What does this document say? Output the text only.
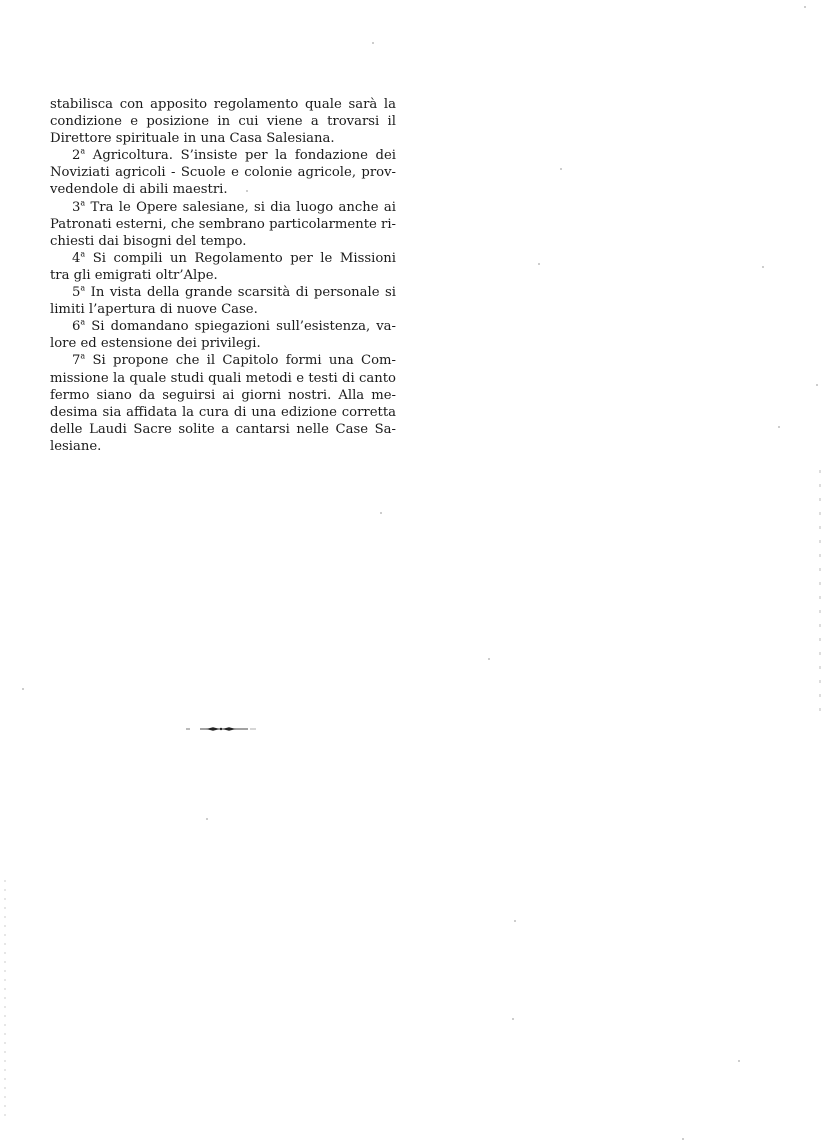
stabilisca con apposito regolamento quale sarà la
condizione e posizione in cui viene a trovarsi il
Direttore spirituale in una Casa Salesiana.
2$^a$ Agricoltura. S’insiste per la fondazione dei
Noviziati agricoli - Scuole e colonie agricole, prov-
vedendole di abili maestri.
3$^a$ Tra le Opere salesiane, si dia luogo anche ai
Patronati esterni, che sembrano particolarmente ri-
chiesti dai bisogni del tempo.
4$^a$ Si compili un Regolamento per le Missioni
tra gli emigrati oltr’Alpe.
5$^a$ In vista della grande scarsità di personale si
limiti l’apertura di nuove Case.
6$^a$ Si domandano spiegazioni sull’esistenza, va-
lore ed estensione dei privilegi.
7$^a$ Si propone che il Capitolo formi una Com-
missione la quale studi quali metodi e testi di canto
fermo siano da seguirsi ai giorni nostri. Alla me-
desima sia affidata la cura di una edizione corretta
delle Laudi Sacre solite a cantarsi nelle Case Sa-
lesiane.
